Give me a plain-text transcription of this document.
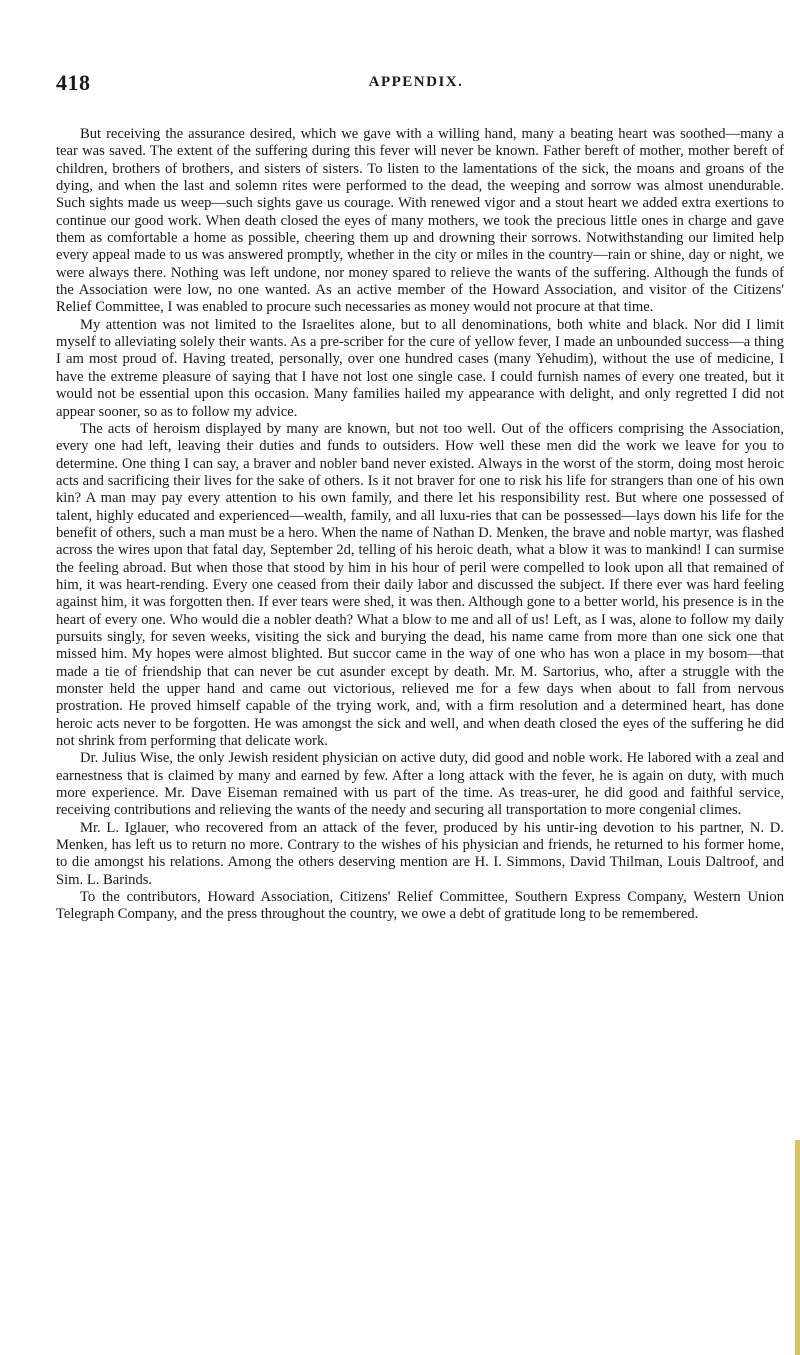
418	APPENDIX.

But receiving the assurance desired, which we gave with a willing hand, many a beating heart was soothed—many a tear was saved. The extent of the suffering during this fever will never be known. Father bereft of mother, mother bereft of children, brothers of brothers, and sisters of sisters. To listen to the lamentations of the sick, the moans and groans of the dying, and when the last and solemn rites were performed to the dead, the weeping and sorrow was almost unendurable. Such sights made us weep—such sights gave us courage. With renewed vigor and a stout heart we added extra exertions to continue our good work. When death closed the eyes of many mothers, we took the precious little ones in charge and gave them as comfortable a home as possible, cheering them up and drowning their sorrows. Notwithstanding our limited help every appeal made to us was answered promptly, whether in the city or miles in the country—rain or shine, day or night, we were always there. Nothing was left undone, nor money spared to relieve the wants of the suffering. Although the funds of the Association were low, no one wanted. As an active member of the Howard Association, and visitor of the Citizens' Relief Committee, I was enabled to procure such necessaries as money would not procure at that time.

My attention was not limited to the Israelites alone, but to all denominations, both white and black. Nor did I limit myself to alleviating solely their wants. As a pre-scriber for the cure of yellow fever, I made an unbounded success—a thing I am most proud of. Having treated, personally, over one hundred cases (many Yehudim), without the use of medicine, I have the extreme pleasure of saying that I have not lost one single case. I could furnish names of every one treated, but it would not be essential upon this occasion. Many families hailed my appearance with delight, and only regretted I did not appear sooner, so as to follow my advice.

The acts of heroism displayed by many are known, but not too well. Out of the officers comprising the Association, every one had left, leaving their duties and funds to outsiders. How well these men did the work we leave for you to determine. One thing I can say, a braver and nobler band never existed. Always in the worst of the storm, doing most heroic acts and sacrificing their lives for the sake of others. Is it not braver for one to risk his life for strangers than one of his own kin? A man may pay every attention to his own family, and there let his responsibility rest. But where one possessed of talent, highly educated and experienced—wealth, family, and all luxu-ries that can be possessed—lays down his life for the benefit of others, such a man must be a hero. When the name of Nathan D. Menken, the brave and noble martyr, was flashed across the wires upon that fatal day, September 2d, telling of his heroic death, what a blow it was to mankind! I can surmise the feeling abroad. But when those that stood by him in his hour of peril were compelled to look upon all that remained of him, it was heart-rending. Every one ceased from their daily labor and discussed the subject. If there ever was hard feeling against him, it was forgotten then. If ever tears were shed, it was then. Although gone to a better world, his presence is in the heart of every one. Who would die a nobler death? What a blow to me and all of us! Left, as I was, alone to follow my daily pursuits singly, for seven weeks, visiting the sick and burying the dead, his name came from more than one sick one that missed him. My hopes were almost blighted. But succor came in the way of one who has won a place in my bosom—that made a tie of friendship that can never be cut asunder except by death. Mr. M. Sartorius, who, after a struggle with the monster held the upper hand and came out victorious, relieved me for a few days when about to fall from nervous prostration. He proved himself capable of the trying work, and, with a firm resolution and a determined heart, has done heroic acts never to be forgotten. He was amongst the sick and well, and when death closed the eyes of the suffering he did not shrink from performing that delicate work.

Dr. Julius Wise, the only Jewish resident physician on active duty, did good and noble work. He labored with a zeal and earnestness that is claimed by many and earned by few. After a long attack with the fever, he is again on duty, with much more experience. Mr. Dave Eiseman remained with us part of the time. As treas-urer, he did good and faithful service, receiving contributions and relieving the wants of the needy and securing all transportation to more congenial climes.

Mr. L. Iglauer, who recovered from an attack of the fever, produced by his untir-ing devotion to his partner, N. D. Menken, has left us to return no more. Contrary to the wishes of his physician and friends, he returned to his former home, to die amongst his relations. Among the others deserving mention are H. I. Simmons, David Thilman, Louis Daltroof, and Sim. L. Barinds.

To the contributors, Howard Association, Citizens' Relief Committee, Southern Express Company, Western Union Telegraph Company, and the press throughout the country, we owe a debt of gratitude long to be remembered.
